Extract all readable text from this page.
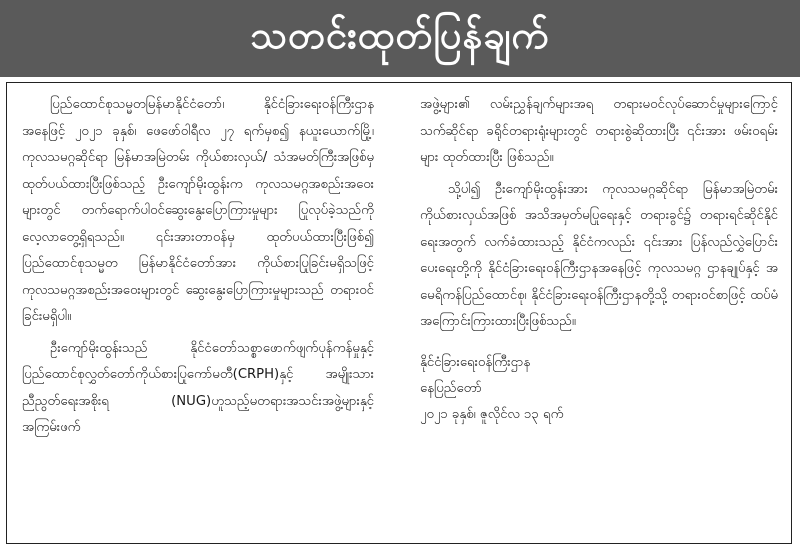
သတင်းထုတ်ပြန်ချက်

ပြည်ထောင်စုသမ္မတမြန်မာနိုင်ငံတော်၊ နိုင်ငံခြားရေးဝန်ကြီးဌာနအနေဖြင့် ၂၀၂၁ ခုနှစ်၊ ဖေဖော်ဝါရီလ ၂၇ ရက်မှစ၍ နယူးယောက်မြို့၊ ကုလသမဂ္ဂဆိုင်ရာ မြန်မာအမြဲတမ်း ကိုယ်စားလှယ်/ သံအမတ်ကြီးအဖြစ်မှ ထုတ်ပယ်ထားပြီးဖြစ်သည့် ဦးကျော်မိုးထွန်းက ကုလသမဂ္ဂအစည်းအဝေးများတွင် တက်ရောက်ပါဝင်ဆွေးနွေးပြောကြားမှုများ ပြုလုပ်ခဲ့သည်ကို လေ့လာတွေ့ရှိရသည်။ ၎င်းအားတာဝန်မှ ထုတ်ပယ်ထားပြီးဖြစ်၍ ပြည်ထောင်စုသမ္မတ မြန်မာနိုင်ငံတော်အား ကိုယ်စားပြုခြင်းမရှိသဖြင့် ကုလသမဂ္ဂအစည်းအဝေးများတွင် ဆွေးနွေးပြောကြားမှုများသည် တရားဝင်ခြင်းမရှိပါ။

ဦးကျော်မိုးထွန်းသည် နိုင်ငံတော်သစ္စာဖောက်ဖျက်ပုန်ကန်မှုနှင့် ပြည်ထောင်စုလွှတ်တော်ကိုယ်စားပြုကော်မတီ(CRPH)နှင့် အမျိုးသားညီညွတ်ရေးအစိုးရ (NUG)ဟူသည့်မတရားအသင်းအဖွဲ့များနှင့် အကြမ်းဖက်

အဖွဲ့များ၏ လမ်းညွှန်ချက်များအရ တရားမဝင်လုပ်ဆောင်မှုများကြောင့် သက်ဆိုင်ရာ ခရိုင်တရားရုံးများတွင် တရားစွဲဆိုထားပြီး ၎င်းအား ဖမ်းဝရမ်းများ ထုတ်ထားပြီး ဖြစ်သည်။

သို့ပါ၍ ဦးကျော်မိုးထွန်းအား ကုလသမဂ္ဂဆိုင်ရာ မြန်မာအမြဲတမ်းကိုယ်စားလှယ်အဖြစ် အသိအမှတ်မပြုရေးနှင့် တရားခွင်၌ တရားရင်ဆိုင်နိုင်ရေးအတွက် လက်ခံထားသည့် နိုင်ငံကလည်း ၎င်းအား ပြန်လည်လွှဲပြောင်းပေးရေးတို့ကို နိုင်ငံခြားရေးဝန်ကြီးဌာနအနေဖြင့် ကုလသမဂ္ဂ ဌာနချုပ်နှင့် အမေရိကန်ပြည်ထောင်စု၊ နိုင်ငံခြားရေးဝန်ကြီးဌာနတို့သို့ တရားဝင်စာဖြင့် ထပ်မံအကြောင်းကြားထားပြီးဖြစ်သည်။

နိုင်ငံခြားရေးဝန်ကြီးဌာန
နေပြည်တော်
၂၀၂၁ ခုနှစ်၊ ဇူလိုင်လ ၁၃ ရက်
